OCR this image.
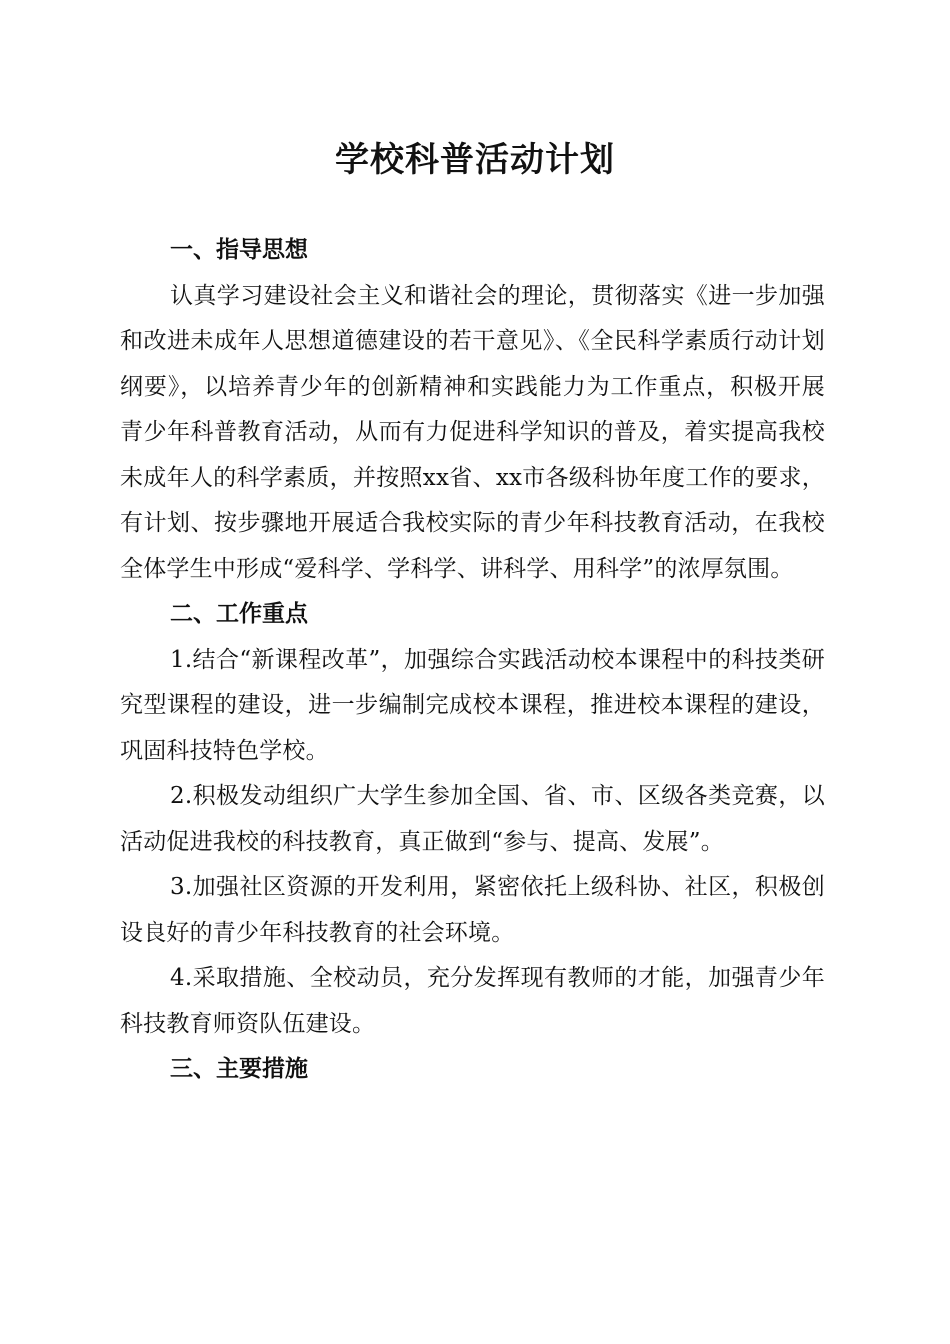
学校科普活动计划

一、指导思想

认真学习建设社会主义和谐社会的理论，贯彻落实《进一步加强和改进未成年人思想道德建设的若干意见》、《全民科学素质行动计划纲要》，以培养青少年的创新精神和实践能力为工作重点，积极开展青少年科普教育活动，从而有力促进科学知识的普及，着实提高我校未成年人的科学素质，并按照xx省、xx市各级科协年度工作的要求，有计划、按步骤地开展适合我校实际的青少年科技教育活动，在我校全体学生中形成“爱科学、学科学、讲科学、用科学”的浓厚氛围。

二、工作重点

1.结合“新课程改革”，加强综合实践活动校本课程中的科技类研究型课程的建设，进一步编制完成校本课程，推进校本课程的建设，巩固科技特色学校。

2.积极发动组织广大学生参加全国、省、市、区级各类竞赛，以活动促进我校的科技教育，真正做到“参与、提高、发展”。

3.加强社区资源的开发利用，紧密依托上级科协、社区，积极创设良好的青少年科技教育的社会环境。

4.采取措施、全校动员，充分发挥现有教师的才能，加强青少年科技教育师资队伍建设。

三、主要措施
